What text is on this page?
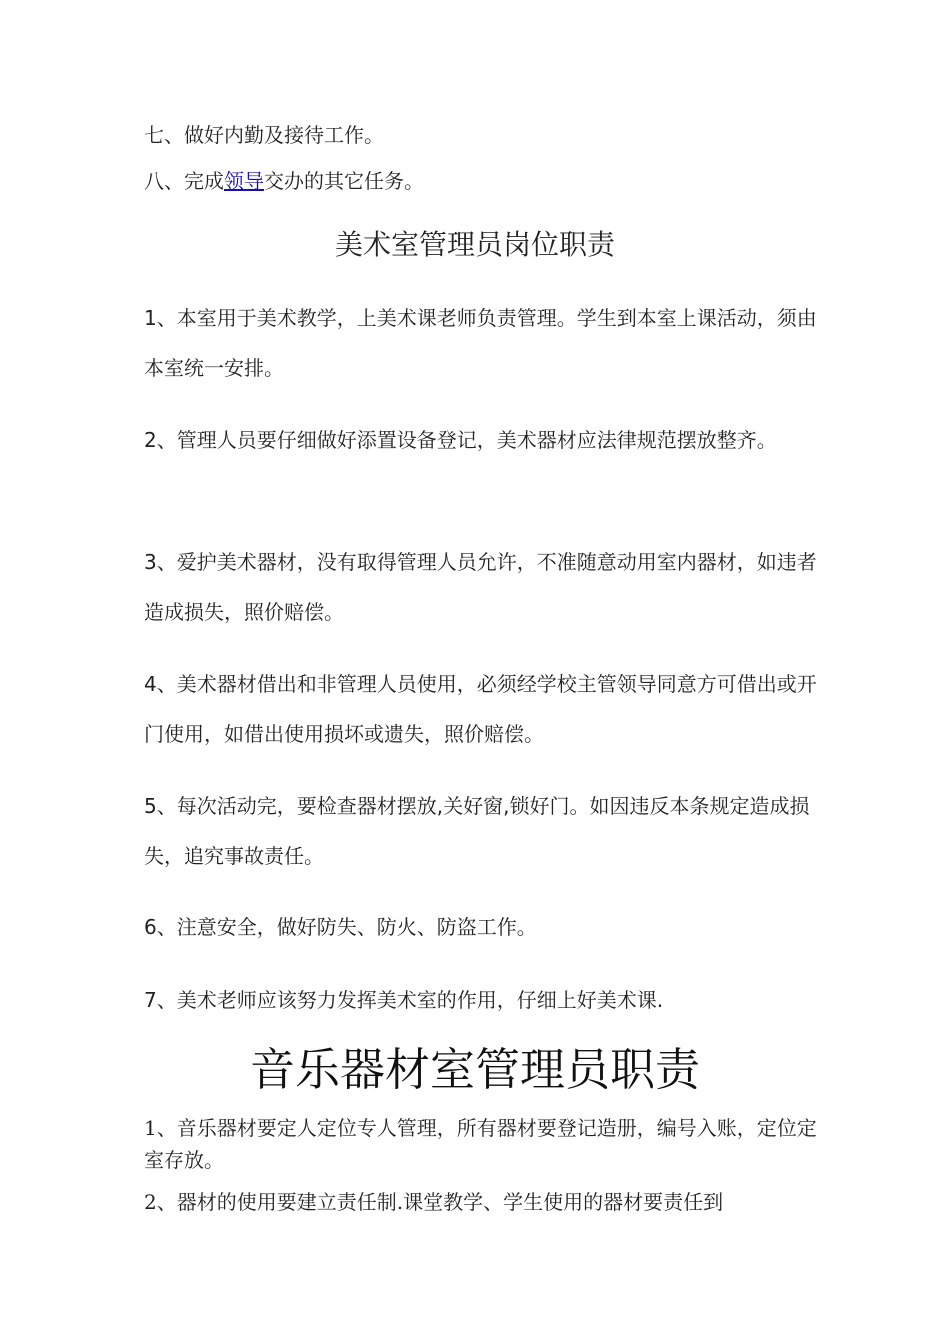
七、做好内勤及接待工作。
八、完成领导交办的其它任务。
美术室管理员岗位职责
1、本室用于美术教学，上美术课老师负责管理。学生到本室上课活动，须由本室统一安排。
2、管理人员要仔细做好添置设备登记，美术器材应法律规范摆放整齐。
3、爱护美术器材，没有取得管理人员允许，不准随意动用室内器材，如违者造成损失，照价赔偿。
4、美术器材借出和非管理人员使用，必须经学校主管领导同意方可借出或开门使用，如借出使用损坏或遗失，照价赔偿。
5、每次活动完，要检查器材摆放,关好窗,锁好门。如因违反本条规定造成损失，追究事故责任。
6、注意安全，做好防失、防火、防盗工作。
7、美术老师应该努力发挥美术室的作用，仔细上好美术课.
音乐器材室管理员职责
1、音乐器材要定人定位专人管理，所有器材要登记造册，编号入账，定位定室存放。
2、器材的使用要建立责任制.课堂教学、学生使用的器材要责任到
